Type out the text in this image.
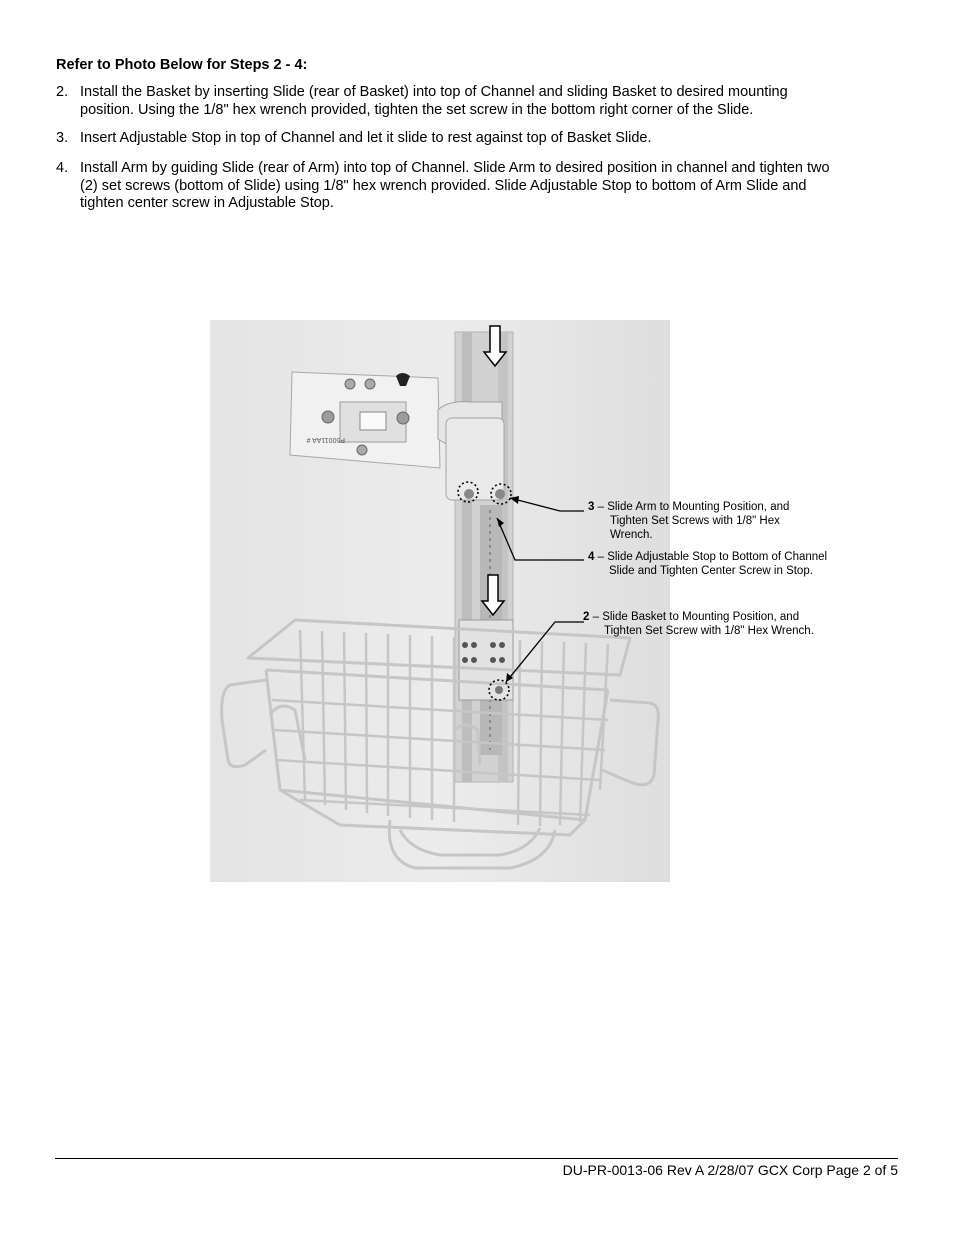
Refer to Photo Below for Steps 2 - 4:
2. Install the Basket by inserting Slide (rear of Basket) into top of Channel and sliding Basket to desired mounting
position. Using the 1/8" hex wrench provided, tighten the set screw in the bottom right corner of the Slide.
3. Insert Adjustable Stop in top of Channel and let it slide to rest against top of Basket Slide.
4. Install Arm by guiding Slide (rear of Arm) into top of Channel. Slide Arm to desired position in channel and tighten two
(2) set screws (bottom of Slide) using 1/8" hex wrench provided. Slide Adjustable Stop to bottom of Arm Slide and
tighten center screw in Adjustable Stop.
P50011AA #
3 – Slide Arm to Mounting Position, and
Tighten Set Screws with 1/8" Hex
Wrench.
4 – Slide Adjustable Stop to Bottom of Channel
Slide and Tighten Center Screw in Stop.
2 – Slide Basket to Mounting Position, and
Tighten Set Screw with 1/8" Hex Wrench.
DU-PR-0013-06 Rev A 2/28/07 GCX Corp Page 2 of 5
